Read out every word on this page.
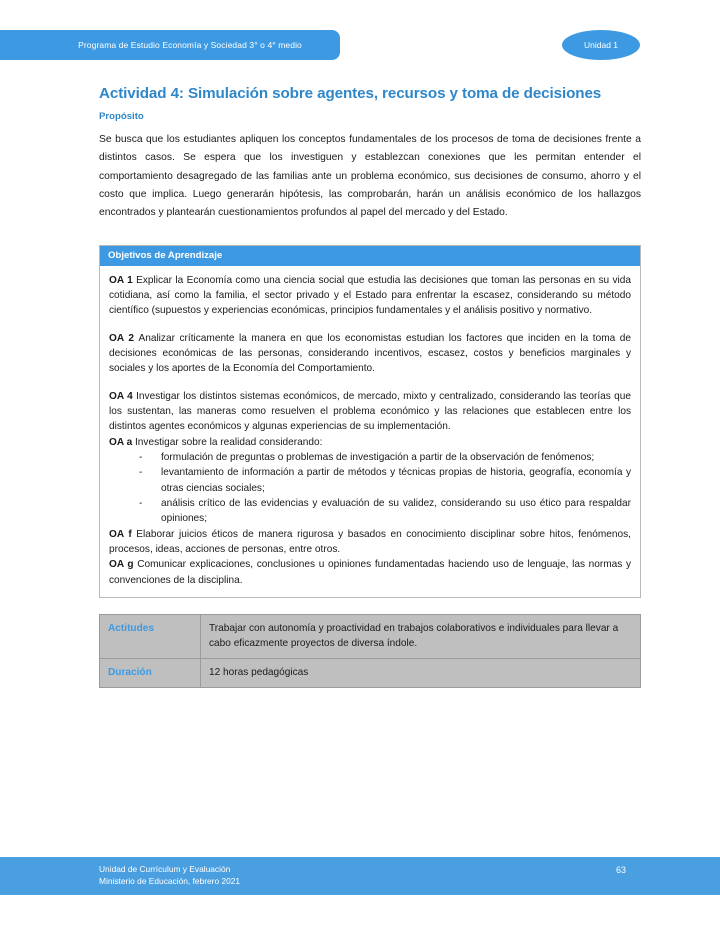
Programa de Estudio Economía y Sociedad 3° o 4° medio	Unidad 1
Actividad 4: Simulación sobre agentes, recursos y toma de decisiones
Propósito

Se busca que los estudiantes apliquen los conceptos fundamentales de los procesos de toma de decisiones frente a distintos casos. Se espera que los investiguen y establezcan conexiones que les permitan entender el comportamiento desagregado de las familias ante un problema económico, sus decisiones de consumo, ahorro y el costo que implica. Luego generarán hipótesis, las comprobarán, harán un análisis económico de los hallazgos encontrados y plantearán cuestionamientos profundos al papel del mercado y del Estado.

Objetivos de Aprendizaje

OA 1 Explicar la Economía como una ciencia social que estudia las decisiones que toman las personas en su vida cotidiana, así como la familia, el sector privado y el Estado para enfrentar la escasez, considerando su método científico (supuestos y experiencias económicas, principios fundamentales y el análisis positivo y normativo.

OA 2 Analizar críticamente la manera en que los economistas estudian los factores que inciden en la toma de decisiones económicas de las personas, considerando incentivos, escasez, costos y beneficios marginales y sociales y los aportes de la Economía del Comportamiento.

OA 4 Investigar los distintos sistemas económicos, de mercado, mixto y centralizado, considerando las teorías que los sustentan, las maneras como resuelven el problema económico y las relaciones que establecen entre los distintos agentes económicos y algunas experiencias de su implementación.

OA a Investigar sobre la realidad considerando:

- formulación de preguntas o problemas de investigación a partir de la observación de fenómenos;
- levantamiento de información a partir de métodos y técnicas propias de historia, geografía, economía y otras ciencias sociales;
- análisis crítico de las evidencias y evaluación de su validez, considerando su uso ético para respaldar opiniones;

OA f Elaborar juicios éticos de manera rigurosa y basados en conocimiento disciplinar sobre hitos, fenómenos, procesos, ideas, acciones de personas, entre otros.

OA g Comunicar explicaciones, conclusiones u opiniones fundamentadas haciendo uso de lenguaje, las normas y convenciones de la disciplina.

Actitudes	Trabajar con autonomía y proactividad en trabajos colaborativos e individuales para llevar a cabo eficazmente proyectos de diversa índole.
Duración	12 horas pedagógicas
Unidad de Currículum y Evaluación
Ministerio de Educación, febrero 2021
63
